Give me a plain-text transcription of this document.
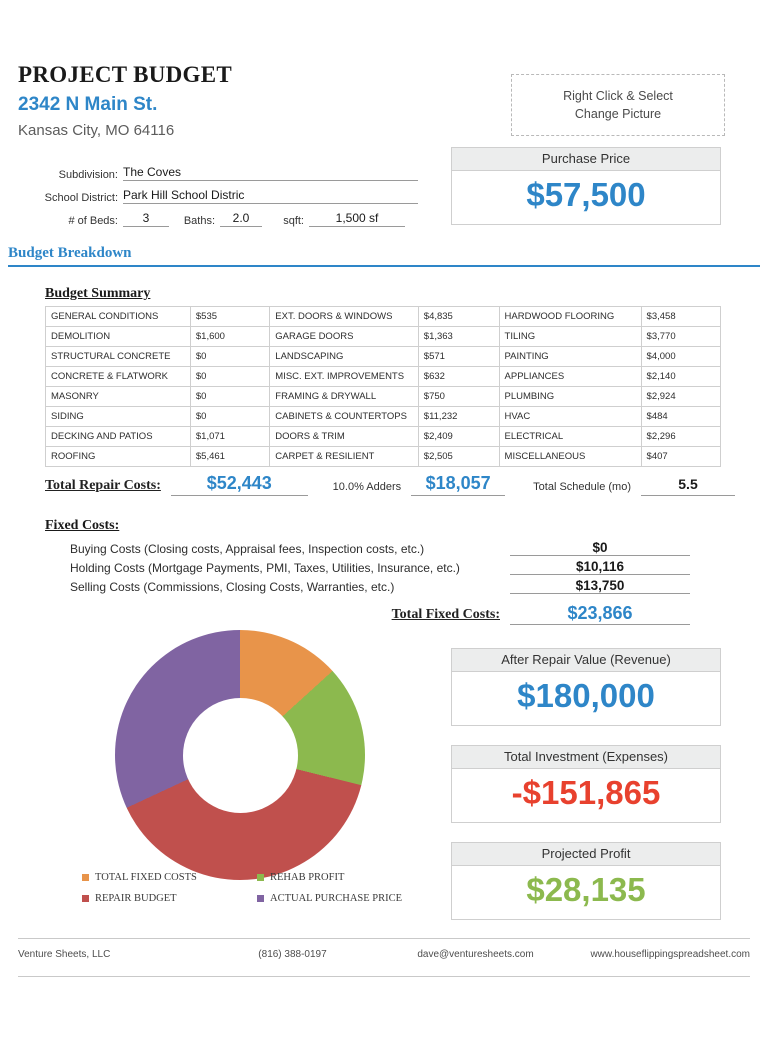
PROJECT BUDGET
2342 N Main St.
Kansas City, MO 64116
Right Click & Select
Change Picture
Subdivision: The Coves
School District: Park Hill School Distric
# of Beds:	3	Baths:	2.0	sqft:	1,500 sf
Purchase Price
$57,500
Budget Breakdown
Budget Summary
GENERAL CONDITIONS	$535	EXT. DOORS & WINDOWS	$4,835	HARDWOOD FLOORING	$3,458
DEMOLITION	$1,600	GARAGE DOORS	$1,363	TILING	$3,770
STRUCTURAL CONCRETE	$0	LANDSCAPING	$571	PAINTING	$4,000
CONCRETE & FLATWORK	$0	MISC. EXT. IMPROVEMENTS	$632	APPLIANCES	$2,140
MASONRY	$0	FRAMING & DRYWALL	$750	PLUMBING	$2,924
SIDING	$0	CABINETS & COUNTERTOPS	$11,232	HVAC	$484
DECKING AND PATIOS	$1,071	DOORS & TRIM	$2,409	ELECTRICAL	$2,296
ROOFING	$5,461	CARPET & RESILIENT	$2,505	MISCELLANEOUS	$407
Total Repair Costs:	$52,443	10.0% Adders	$18,057	Total Schedule (mo)	5.5
Fixed Costs:
Buying Costs (Closing costs, Appraisal fees, Inspection costs, etc.)	$0
Holding Costs (Mortgage Payments, PMI, Taxes, Utilities, Insurance, etc.)	$10,116
Selling Costs (Commissions, Closing Costs, Warranties, etc.)	$13,750
Total Fixed Costs:	$23,866
TOTAL FIXED COSTS	REHAB PROFIT
REPAIR BUDGET	ACTUAL PURCHASE PRICE
After Repair Value (Revenue)
$180,000
Total Investment (Expenses)
-$151,865
Projected Profit
$28,135
Venture Sheets, LLC	(816) 388-0197	dave@venturesheets.com	www.houseflippingspreadsheet.com
